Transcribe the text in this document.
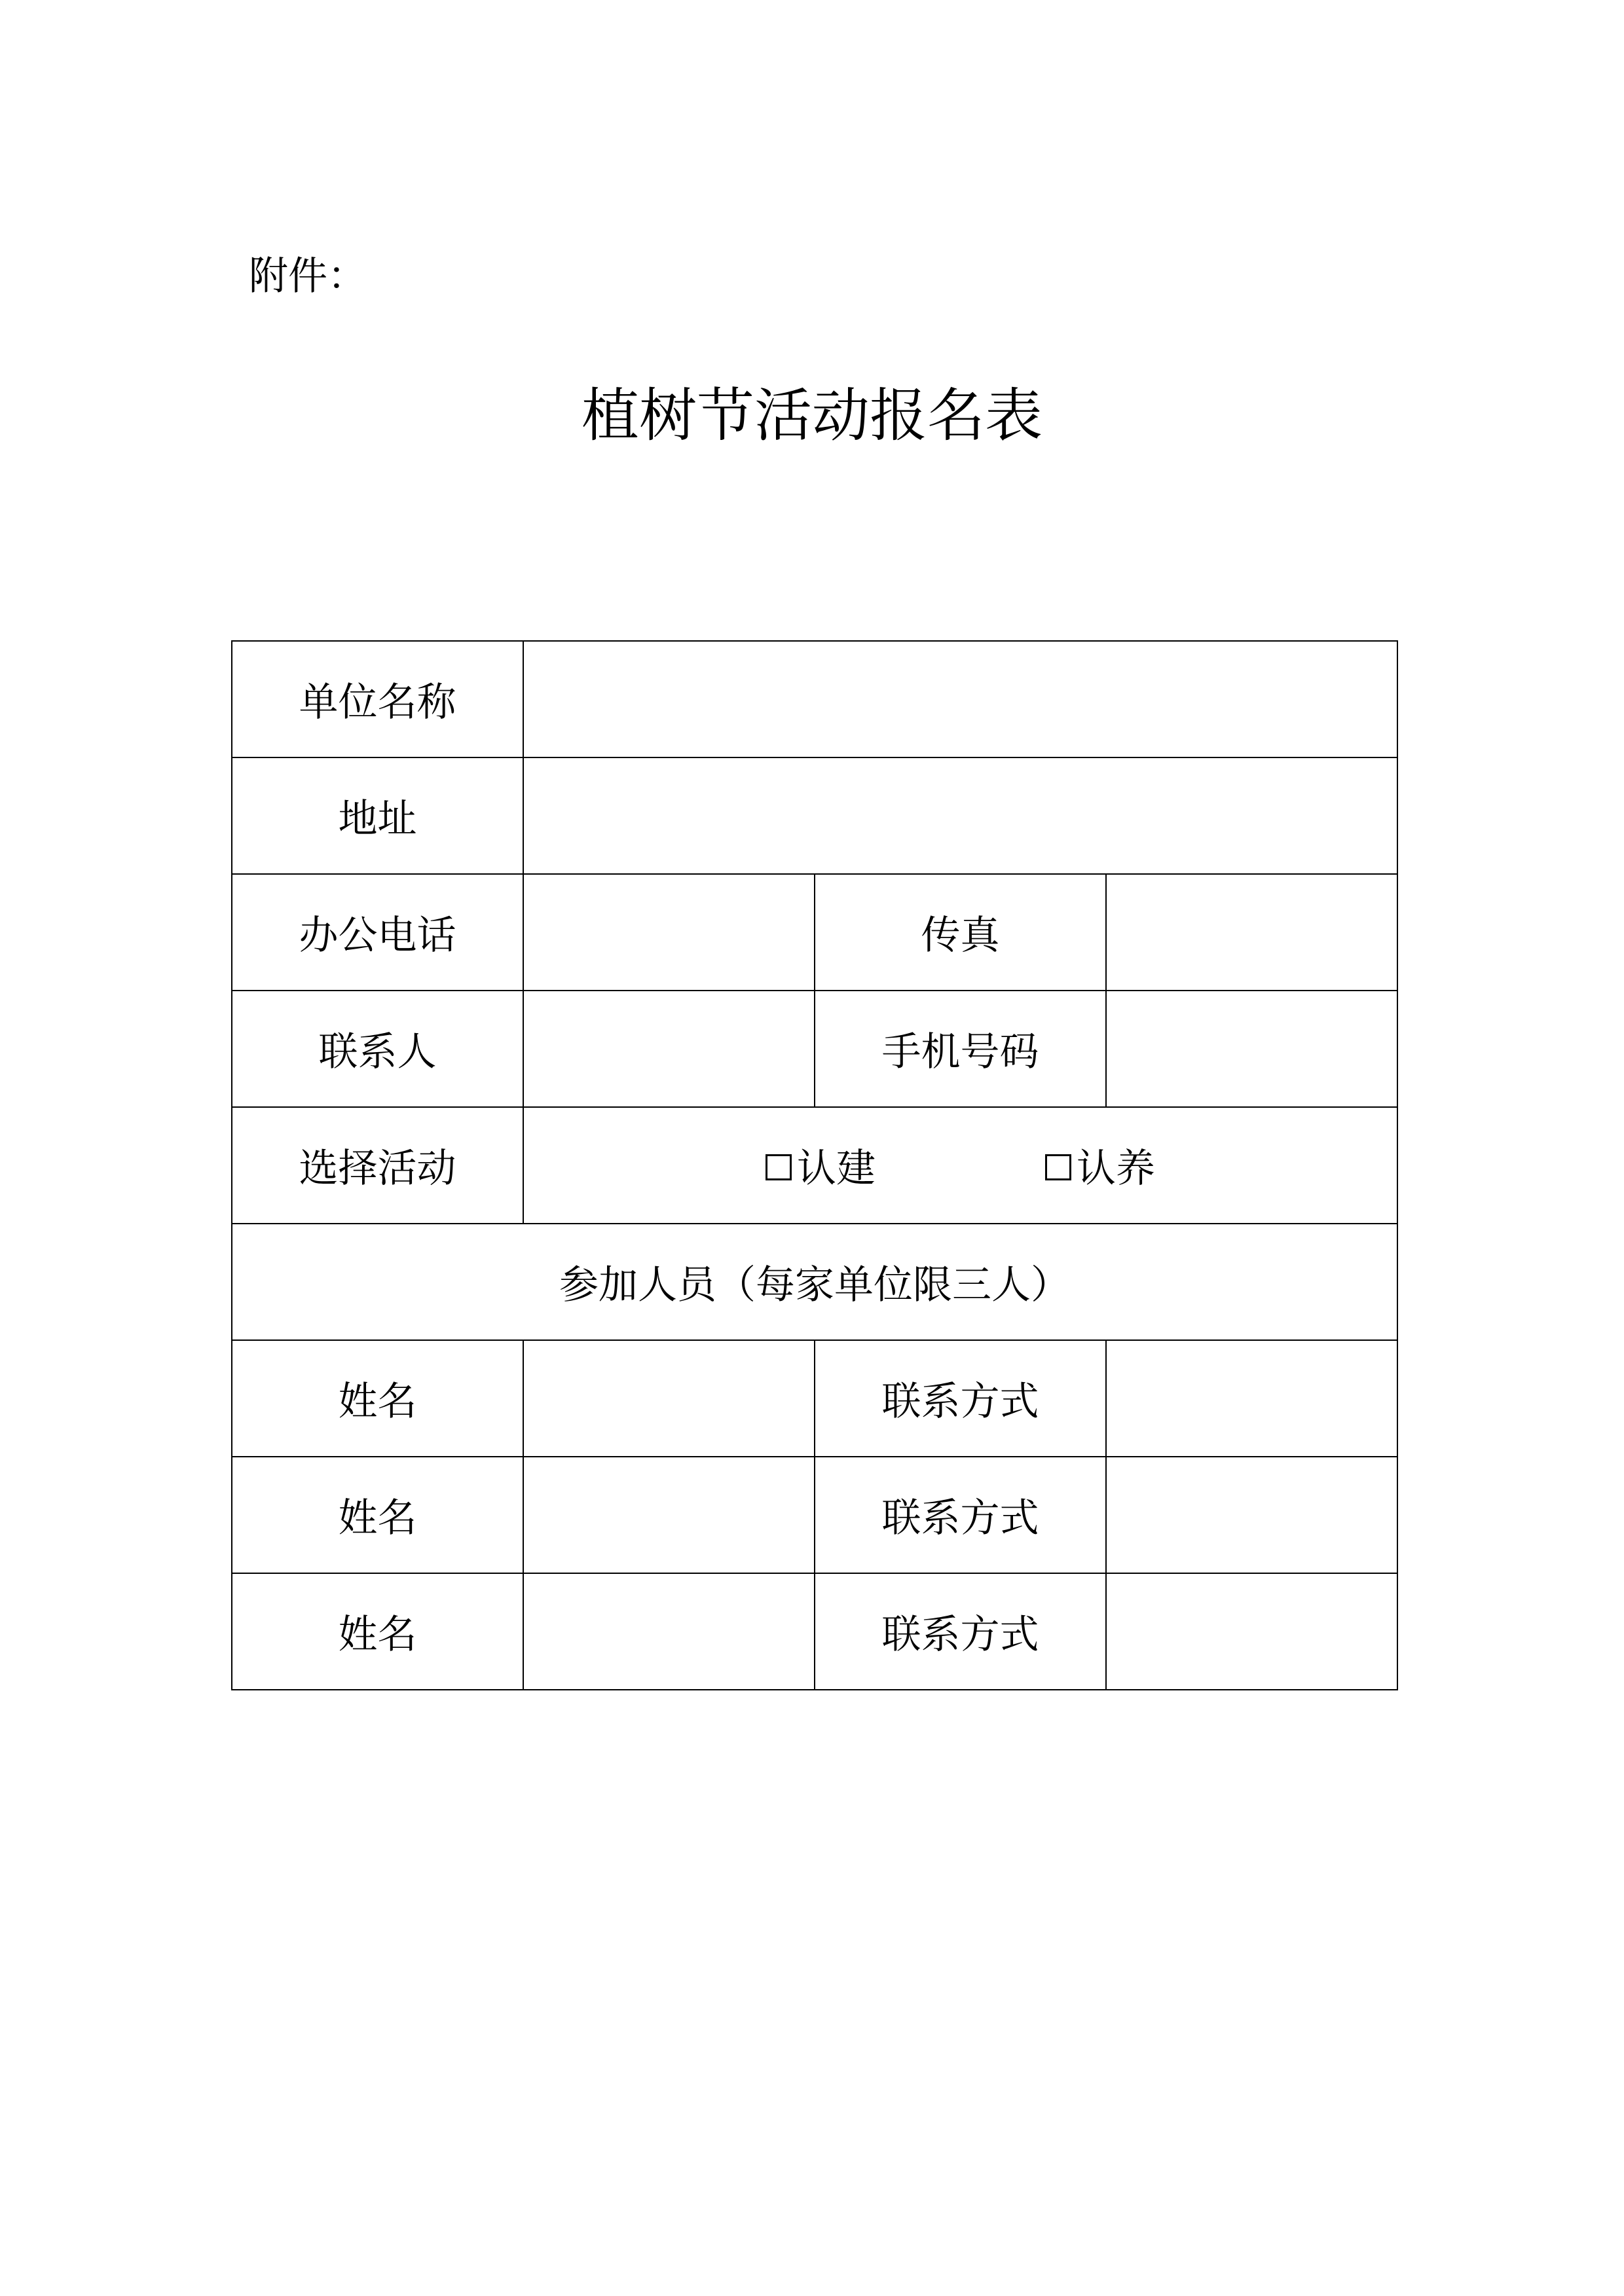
附件：
植树节活动报名表
单位名称			
地址			
办公电话		传真	
联系人		手机号码	
选择活动	认建 认养		
参加人员（每家单位限三人）			
姓名		联系方式	
姓名		联系方式	
姓名		联系方式	
